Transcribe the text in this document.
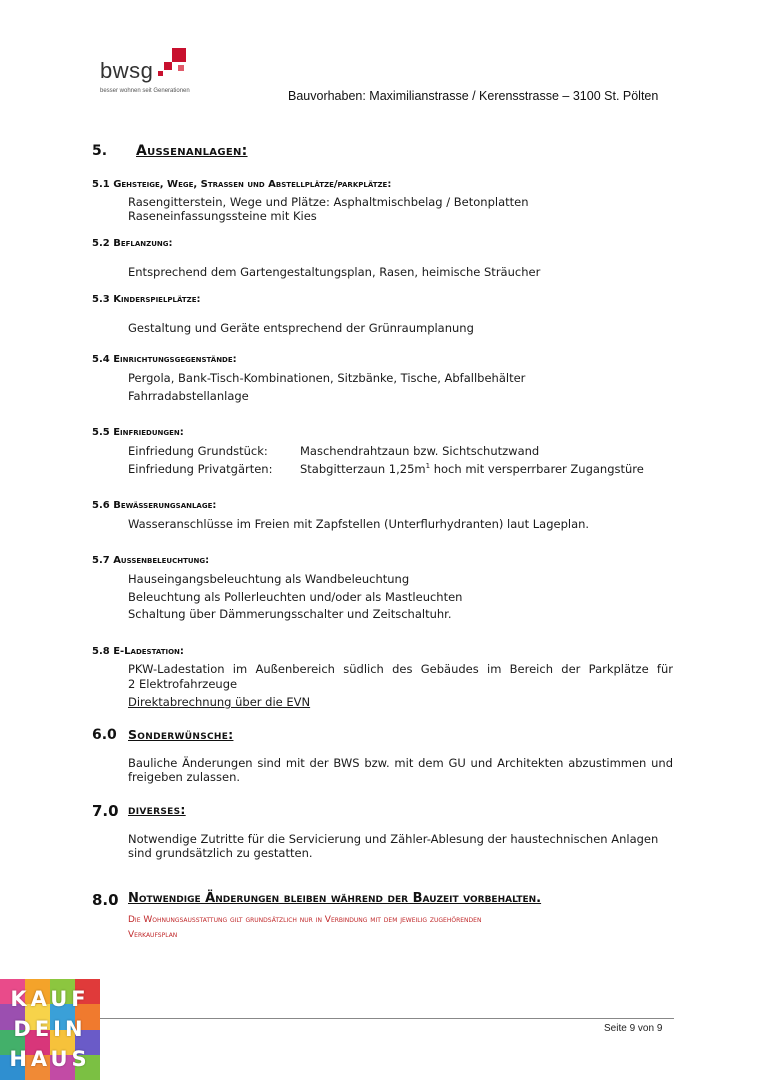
bwsg
besser wohnen seit Generationen	Bauvorhaben: Maximilianstrasse / Kerensstrasse – 3100 St. Pölten
5. Aussenanlagen:
5.1 Gehsteige, Wege, Strassen und Abstellplätze/parkplätze:
Rasengitterstein, Wege und Plätze: Asphaltmischbelag / Betonplatten
Raseneinfassungssteine mit Kies
5.2 Beflanzung:
Entsprechend dem Gartengestaltungsplan, Rasen, heimische Sträucher
5.3 Kinderspielplätze:
Gestaltung und Geräte entsprechend der Grünraumplanung
5.4 Einrichtungsgegenstände:
Pergola, Bank-Tisch-Kombinationen, Sitzbänke, Tische, Abfallbehälter
Fahrradabstellanlage
5.5 Einfriedungen:
Einfriedung Grundstück:	Maschendrahtzaun bzw. Sichtschutzwand
Einfriedung Privatgärten: Stabgitterzaun $1,25m^1$ hoch mit versperrbarer Zugangstüre
5.6 Bewässerungsanlage:
Wasseranschlüsse im Freien mit Zapfstellen (Unterflurhydranten) laut Lageplan.
5.7 Außenbeleuchtung:
Hauseingangsbeleuchtung als Wandbeleuchtung
Beleuchtung als Pollerleuchten und/oder als Mastleuchten
Schaltung über Dämmerungsschalter und Zeitschaltuhr.
5.8 E-Ladestation:
PKW-Ladestation im Außenbereich südlich des Gebäudes im Bereich der Parkplätze für
2 Elektrofahrzeuge
Direktabrechnung über die EVN
6.0 Sonderwünsche:
Bauliche Änderungen sind mit der BWS bzw. mit dem GU und Architekten abzustimmen und
freigeben zulassen.
7.0 diverses:
Notwendige Zutritte für die Servicierung und Zähler-Ablesung der haustechnischen Anlagen
sind grundsätzlich zu gestatten.
8.0 Notwendige Änderungen bleiben während der Bauzeit vorbehalten.
Die Wohnungsausstattung gilt grundsätzlich nur in Verbindung mit dem jeweilig zugehörenden
Verkaufsplan
Seite 9 von 9
KAUF
DEIN
HAUS
